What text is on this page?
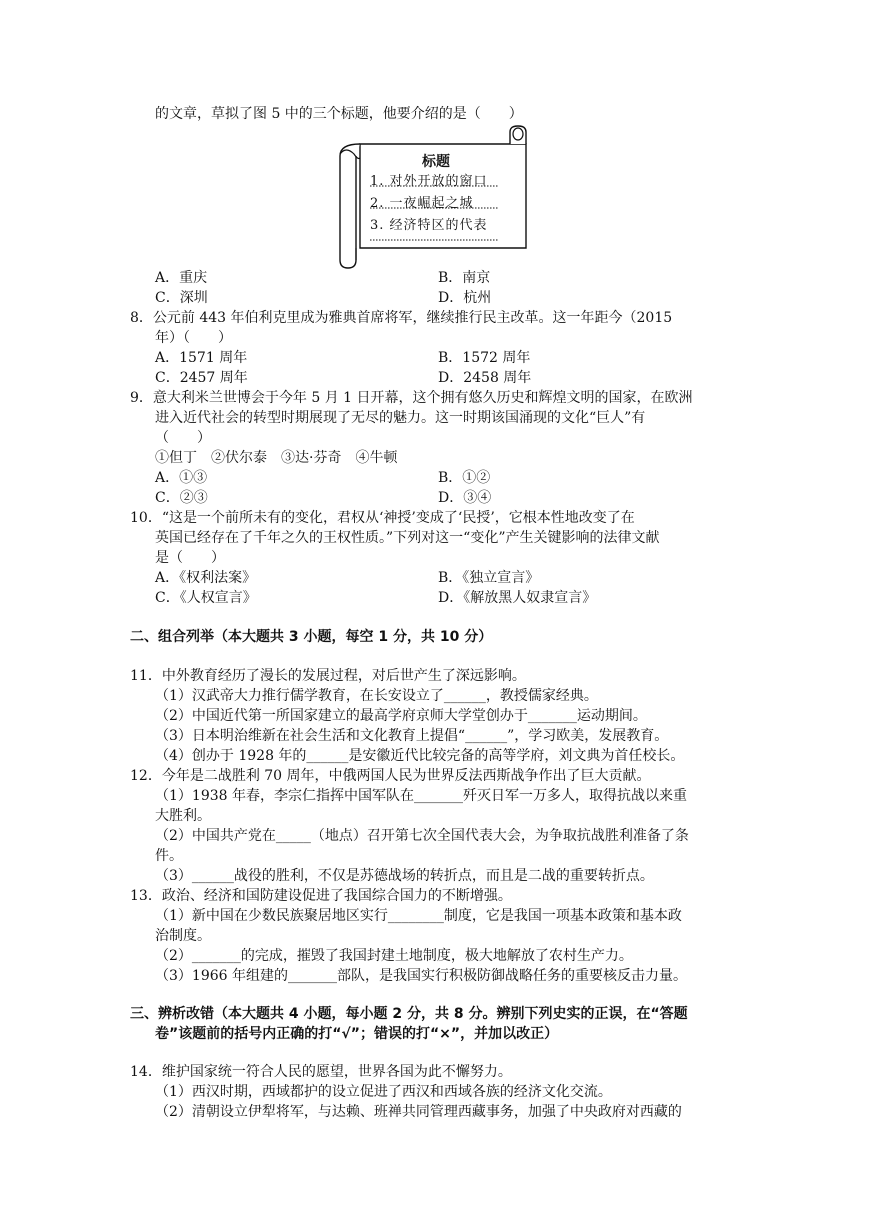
的文章，草拟了图 5 中的三个标题，他要介绍的是（　　）
标题
1. 对外开放的窗口
2. 一夜崛起之城
3. 经济特区的代表
A．重庆	B．南京
C．深圳	D．杭州
8．公元前 443 年伯利克里成为雅典首席将军，继续推行民主改革。这一年距今（2015
年）（　　）
A．1571 周年	B．1572 周年
C．2457 周年	D．2458 周年
9．意大利米兰世博会于今年 5 月 1 日开幕，这个拥有悠久历史和辉煌文明的国家，在欧洲
进入近代社会的转型时期展现了无尽的魅力。这一时期该国涌现的文化“巨人”有
（　　）
①但丁　②伏尔泰　③达·芬奇　④牛顿
A．①③	B．①②
C．②③	D．③④
10．“这是一个前所未有的变化，君权从‘神授’变成了‘民授’，它根本性地改变了在
英国已经存在了千年之久的王权性质。”下列对这一“变化”产生关键影响的法律文献
是（　　）
A．《权利法案》	B．《独立宣言》
C．《人权宣言》	D．《解放黑人奴隶宣言》
二、组合列举（本大题共 3 小题，每空 1 分，共 10 分）
11．中外教育经历了漫长的发展过程，对后世产生了深远影响。
（1）汉武帝大力推行儒学教育，在长安设立了______，教授儒家经典。
（2）中国近代第一所国家建立的最高学府京师大学堂创办于_______运动期间。
（3）日本明治维新在社会生活和文化教育上提倡“______”，学习欧美，发展教育。
（4）创办于 1928 年的______是安徽近代比较完备的高等学府，刘文典为首任校长。
12．今年是二战胜利 70 周年，中俄两国人民为世界反法西斯战争作出了巨大贡献。
（1）1938 年春，李宗仁指挥中国军队在_______歼灭日军一万多人，取得抗战以来重
大胜利。
（2）中国共产党在_____（地点）召开第七次全国代表大会，为争取抗战胜利准备了条
件。
（3）______战役的胜利，不仅是苏德战场的转折点，而且是二战的重要转折点。
13．政治、经济和国防建设促进了我国综合国力的不断增强。
（1）新中国在少数民族聚居地区实行________制度，它是我国一项基本政策和基本政
治制度。
（2）_______的完成，摧毁了我国封建土地制度，极大地解放了农村生产力。
（3）1966 年组建的_______部队，是我国实行积极防御战略任务的重要核反击力量。
三、辨析改错（本大题共 4 小题，每小题 2 分，共 8 分。辨别下列史实的正误，在“答题
卷”该题前的括号内正确的打“√”；错误的打“×”，并加以改正）
14．维护国家统一符合人民的愿望，世界各国为此不懈努力。
（1）西汉时期，西域都护的设立促进了西汉和西域各族的经济文化交流。
（2）清朝设立伊犁将军，与达赖、班禅共同管理西藏事务，加强了中央政府对西藏的
